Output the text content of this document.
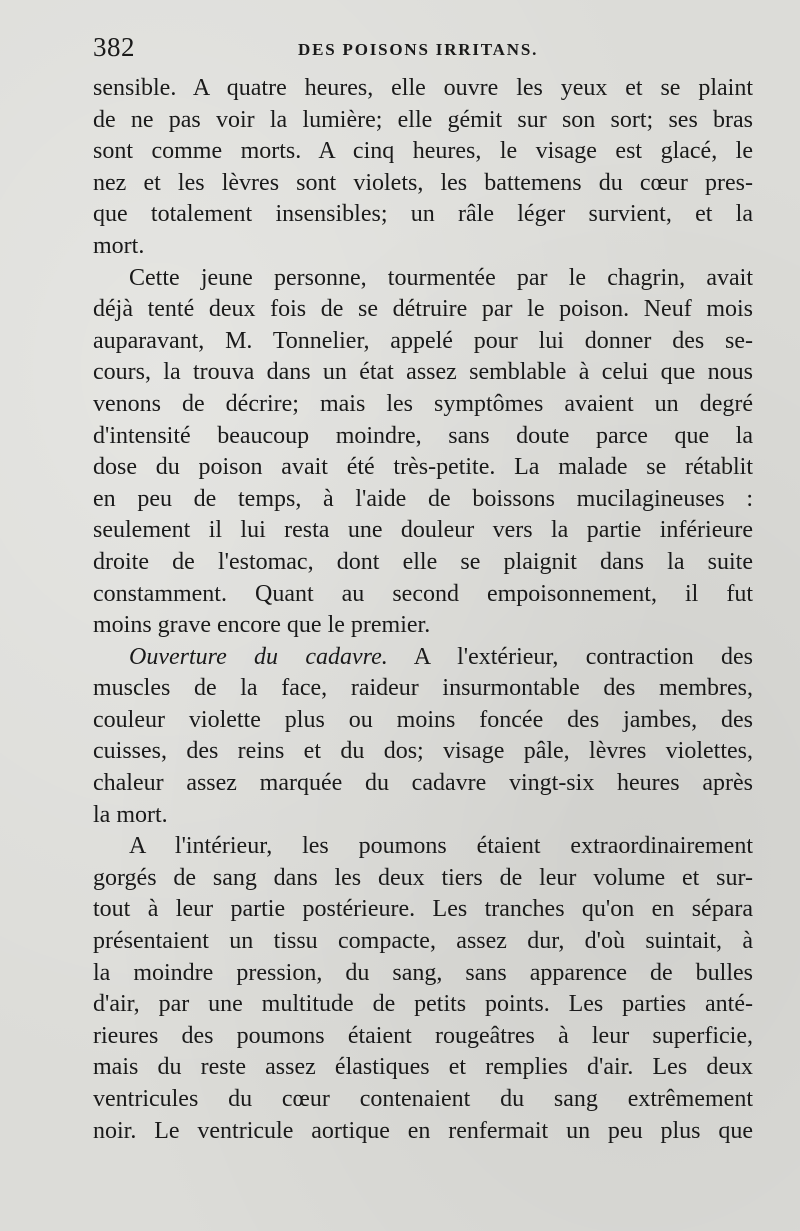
382	DES POISONS IRRITANS.
sensible. A quatre heures, elle ouvre les yeux et se plaint
de ne pas voir la lumière; elle gémit sur son sort; ses bras
sont comme morts. A cinq heures, le visage est glacé, le
nez et les lèvres sont violets, les battemens du cœur pres-
que totalement insensibles; un râle léger survient, et la
mort.
Cette jeune personne, tourmentée par le chagrin, avait
déjà tenté deux fois de se détruire par le poison. Neuf mois
auparavant, M. Tonnelier, appelé pour lui donner des se-
cours, la trouva dans un état assez semblable à celui que nous
venons de décrire; mais les symptômes avaient un degré
d'intensité beaucoup moindre, sans doute parce que la
dose du poison avait été très-petite. La malade se rétablit
en peu de temps, à l'aide de boissons mucilagineuses :
seulement il lui resta une douleur vers la partie inférieure
droite de l'estomac, dont elle se plaignit dans la suite
constamment. Quant au second empoisonnement, il fut
moins grave encore que le premier.
Ouverture du cadavre. A l'extérieur, contraction des
muscles de la face, raideur insurmontable des membres,
couleur violette plus ou moins foncée des jambes, des
cuisses, des reins et du dos; visage pâle, lèvres violettes,
chaleur assez marquée du cadavre vingt-six heures après
la mort.
A l'intérieur, les poumons étaient extraordinairement
gorgés de sang dans les deux tiers de leur volume et sur-
tout à leur partie postérieure. Les tranches qu'on en sépara
présentaient un tissu compacte, assez dur, d'où suintait, à
la moindre pression, du sang, sans apparence de bulles
d'air, par une multitude de petits points. Les parties anté-
rieures des poumons étaient rougeâtres à leur superficie,
mais du reste assez élastiques et remplies d'air. Les deux
ventricules du cœur contenaient du sang extrêmement
noir. Le ventricule aortique en renfermait un peu plus que
